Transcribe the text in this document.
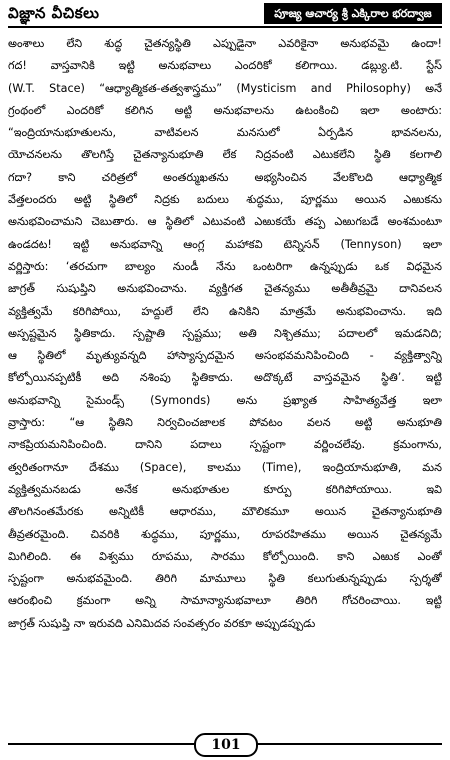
విజ్ఞాన వీచికలు	పూజ్య ఆచార్య శ్రీ ఎక్కిరాల భరద్వాజ
అంశాలు లేని శుద్ధ చైతన్యస్థితి ఎప్పుడైనా ఎవరికైనా అనుభవమై ఉందా!
గద! వాస్తవానికి ఇట్టి అనుభవాలు ఎందరికో కలిగాయి. డబ్ల్యు.టి. స్టేస్
(W.T. Stace) “ఆధ్యాత్మికత-తత్వశాస్త్రము” (Mysticism and Philosophy) అనే
గ్రంథంలో ఎందరికో కలిగిన అట్టి అనుభవాలను ఉటంకించి ఇలా అంటారు:
“ఇంద్రియానుభూతులను, వాటివలన మనసులో ఏర్పడిన భావనలను,
యోచనలను తొలగిస్తే చైతన్యానుభూతి లేక నిద్రవంటి ఎటుకలేని స్థితి కలగాలి
గదా? కాని చరిత్రలో అంతర్ముఖతను అభ్యసించిన వేలకొలది ఆధ్యాత్మిక
వేత్తలందరు అట్టి స్థితిలో నిద్రకు బదులు శుద్ధము, పూర్ణము అయిన ఎఱుకను
అనుభవించామని చెబుతారు. ఆ స్థితిలో ఎటువంటి ఎఱుకయే తప్ప ఎఱుగబడే అంశమంటూ
ఉండదట! ఇట్టి అనుభవాన్ని ఆంగ్ల మహాకవి టెన్నిసన్ (Tennyson) ఇలా
వర్ణిస్తారు: ‘తరచుగా బాల్యం నుండీ నేను ఒంటరిగా ఉన్నప్పుడు ఒక విధమైన
జాగ్రత్ సుషుప్తిని అనుభవించాను. వ్యక్తిగత చైతన్యము అతీతీవ్రమై దానివలన
వ్యక్తిత్వమే కరిగిపోయి, హద్దులే లేని ఉనికిని మాత్రమే అనుభవించాను. ఇది
అస్పష్టమైన స్థితికాదు. స్పష్టాతి స్పష్టము; అతి నిశ్చితము; పదాలలో ఇమడనిది;
ఆ స్థితిలో మృత్యువన్నది హాస్యాస్పదమైన అసంభవమనిపించింది - వ్యక్తిత్వాన్ని
కోల్పోయినప్పటికీ అది నశింపు స్థితికాదు. అదొక్కటే వాస్తవమైన స్థితి’. ఇట్టి
అనుభవాన్ని సైమండ్స్ (Symonds) అను ప్రఖ్యాత సాహిత్యవేత్త ఇలా
వ్రాస్తారు: “ఆ స్థితిని నిర్వచించజాలక పోవటం వలన అట్టి అనుభూతి
నాకప్రియమనిపించింది. దానిని పదాలు స్పష్టంగా వర్ణించలేవు. క్రమంగాను,
త్వరితంగానూ దేశము (Space), కాలము (Time), ఇంద్రియానుభూతి, మన
వ్యక్తిత్వమనబడు అనేక అనుభూతుల కూర్పు కరిగిపోయాయి. ఇవి
తొలగినంతమేరకు అన్నిటికీ ఆధారము, మౌలికమూ అయిన చైతన్యానుభూతి
తీవ్రతరమైంది. చివరికి శుద్ధము, పూర్ణము, రూపరహితము అయిన చైతన్యమే
మిగిలింది. ఈ విశ్వము రూపము, సారము కోల్పోయింది. కాని ఎఱుక ఎంతో
స్పష్టంగా అనుభవమైంది. తిరిగి మామూలు స్థితి కలుగుతున్నప్పుడు స్పర్శతో
ఆరంభించి క్రమంగా అన్ని సామాన్యానుభవాలూ తిరిగి గోచరించాయి. ఇట్టి
జాగ్రత్ సుషుప్తి నా ఇరువది ఎనిమిదవ సంవత్సరం వరకూ అప్పుడప్పుడు
101
